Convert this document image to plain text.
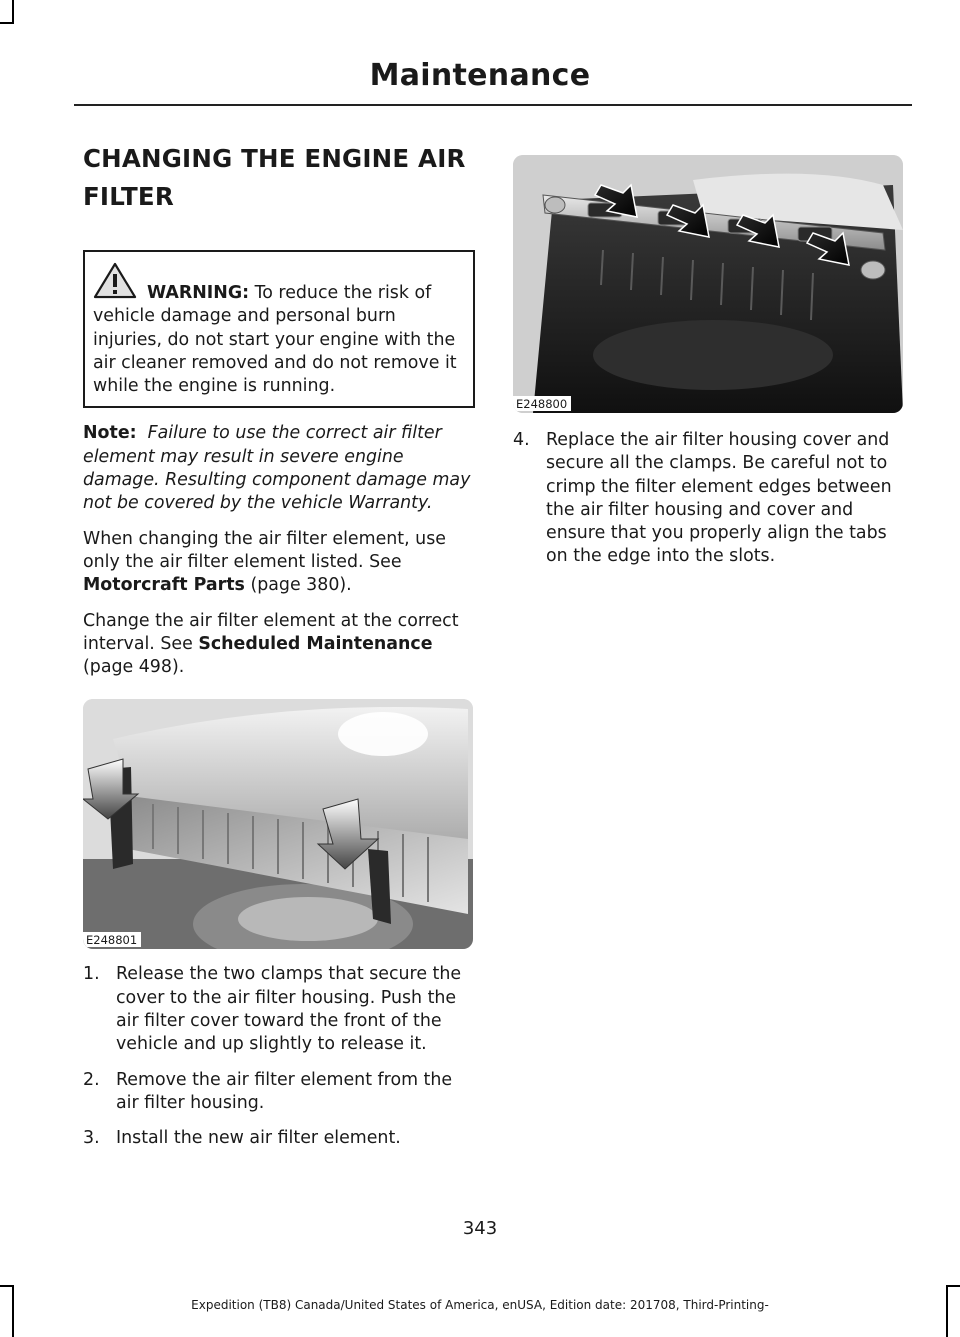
Maintenance
CHANGING THE ENGINE AIR FILTER
WARNING: To reduce the risk of vehicle damage and personal burn injuries, do not start your engine with the air cleaner removed and do not remove it while the engine is running.
Note: Failure to use the correct air filter element may result in severe engine damage. Resulting component damage may not be covered by the vehicle Warranty.

When changing the air filter element, use only the air filter element listed. See Motorcraft Parts (page 380).

Change the air filter element at the correct interval. See Scheduled Maintenance (page 498).

E248801
1. Release the two clamps that secure the cover to the air filter housing. Push the air filter cover toward the front of the vehicle and up slightly to release it.
2. Remove the air filter element from the air filter housing.
3. Install the new air filter element.
E248800
4. Replace the air filter housing cover and secure all the clamps. Be careful not to crimp the filter element edges between the air filter housing and cover and ensure that you properly align the tabs on the edge into the slots.
343
Expedition (TB8) Canada/United States of America, enUSA, Edition date: 201708, Third-Printing-
